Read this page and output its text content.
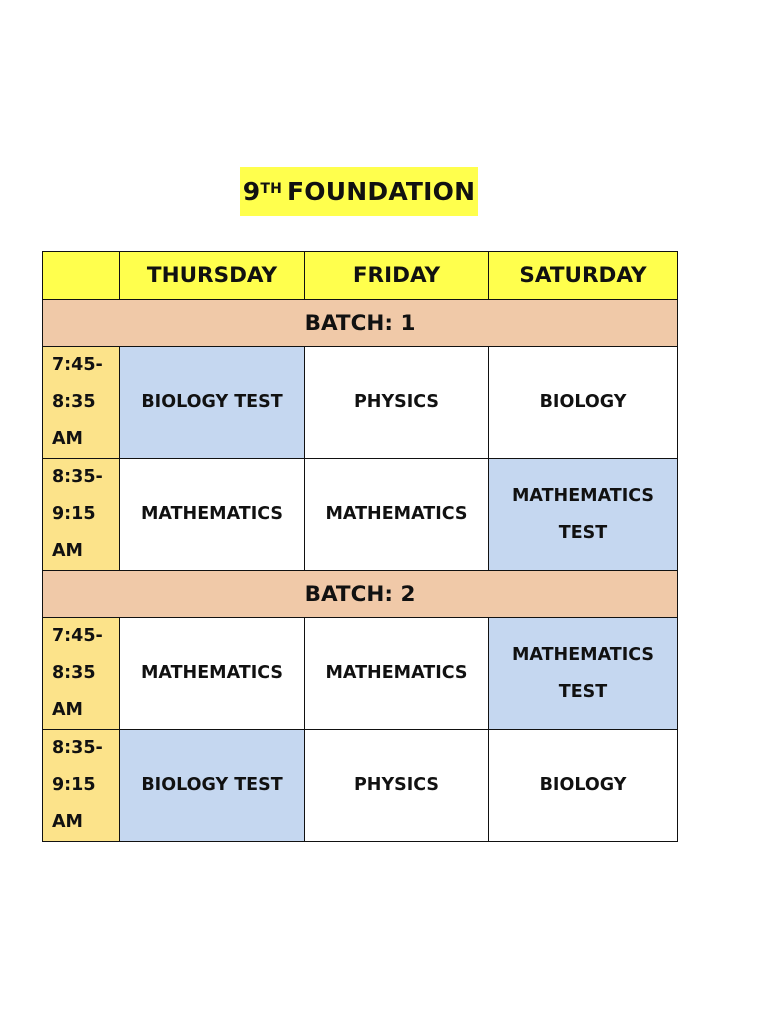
9TH FOUNDATION
	THURSDAY	FRIDAY	SATURDAY
BATCH: 1			

7:45-
8:35
AM	BIOLOGY TEST	PHYSICS	BIOLOGY

8:35-
9:15
AM	MATHEMATICS	MATHEMATICS	MATHEMATICS
TEST
BATCH: 2			

7:45-
8:35
AM	MATHEMATICS	MATHEMATICS	MATHEMATICS
TEST

8:35-
9:15
AM	BIOLOGY TEST	PHYSICS	BIOLOGY
